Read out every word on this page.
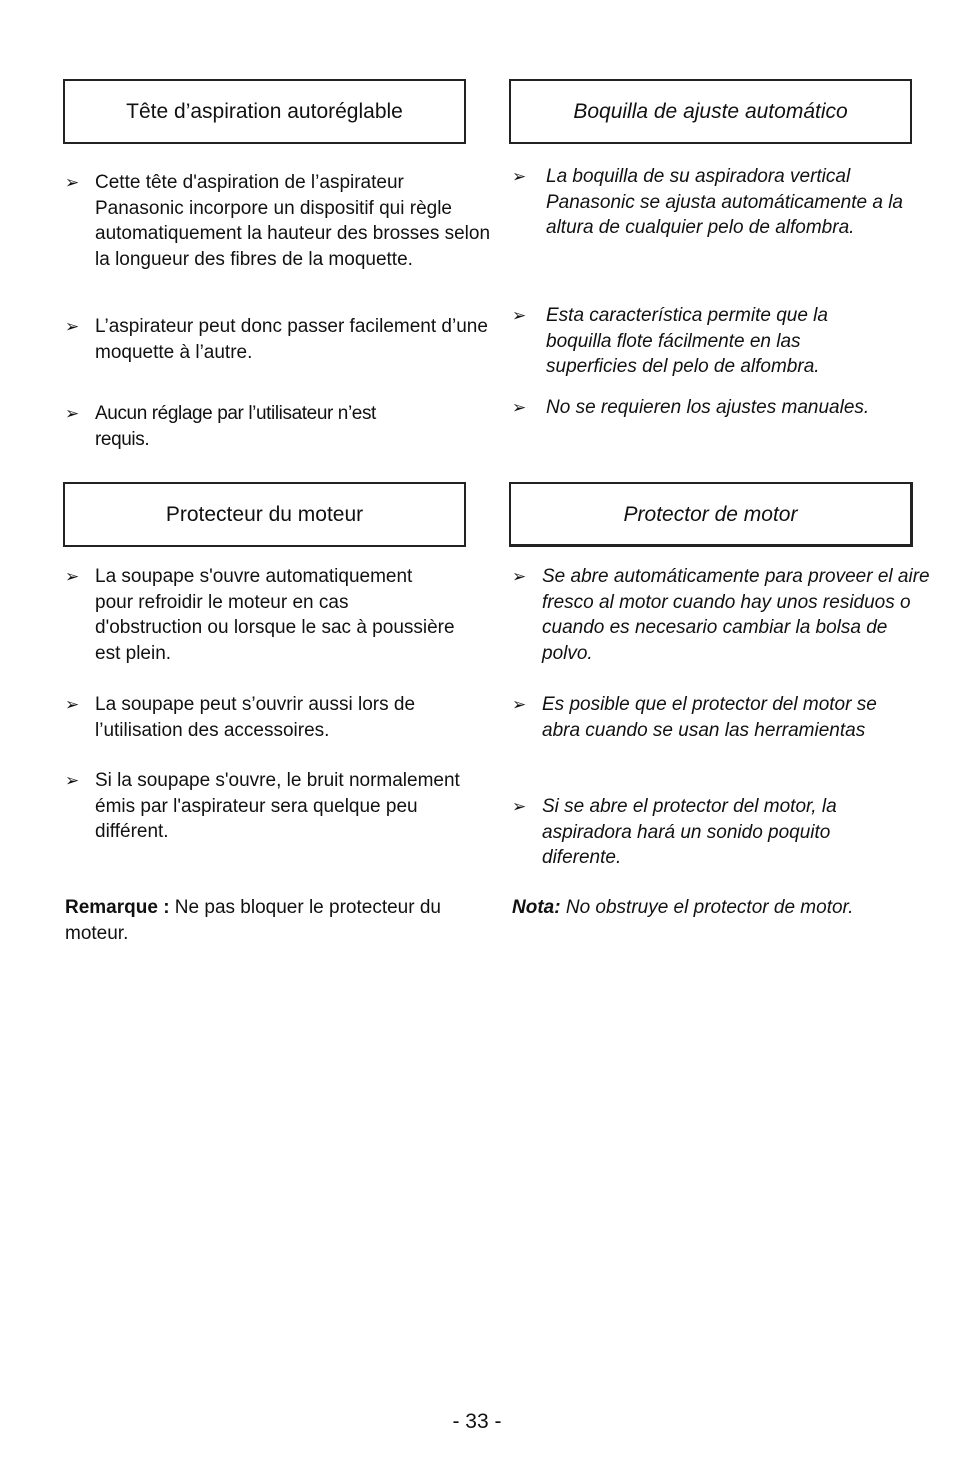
Tête d’aspiration autoréglable	Boquilla de ajuste automático
➢ Cette tête d'aspiration de l’aspirateur Panasonic incorpore un dispositif qui règle automatiquement la hauteur des brosses selon la longueur des fibres de la moquette.
➢ L’aspirateur peut donc passer facilement d’une moquette à l’autre.
➢ Aucun réglage par l’utilisateur n’est requis.
➢ La boquilla de su aspiradora vertical Panasonic se ajusta automáticamente a la altura de cualquier pelo de alfombra.
➢ Esta característica permite que la boquilla flote fácilmente en las superficies del pelo de alfombra.
➢ No se requieren los ajustes manuales.
Protecteur du moteur	Protector de motor
➢ La soupape s'ouvre automatiquement pour refroidir le moteur en cas d'obstruction ou lorsque le sac à poussière est plein.
➢ La soupape peut s’ouvrir aussi lors de l’utilisation des accessoires.
➢ Si la soupape s'ouvre, le bruit normalement émis par l'aspirateur sera quelque peu différent.
➢ Se abre automáticamente para proveer el aire fresco al motor cuando hay unos residuos o cuando es necesario cambiar la bolsa de polvo.
➢ Es posible que el protector del motor se abra cuando se usan las herramientas
➢ Si se abre el protector del motor, la aspiradora hará un sonido poquito diferente.
Remarque : Ne pas bloquer le protecteur du moteur.
Nota: No obstruye el protector de motor.
- 33 -
